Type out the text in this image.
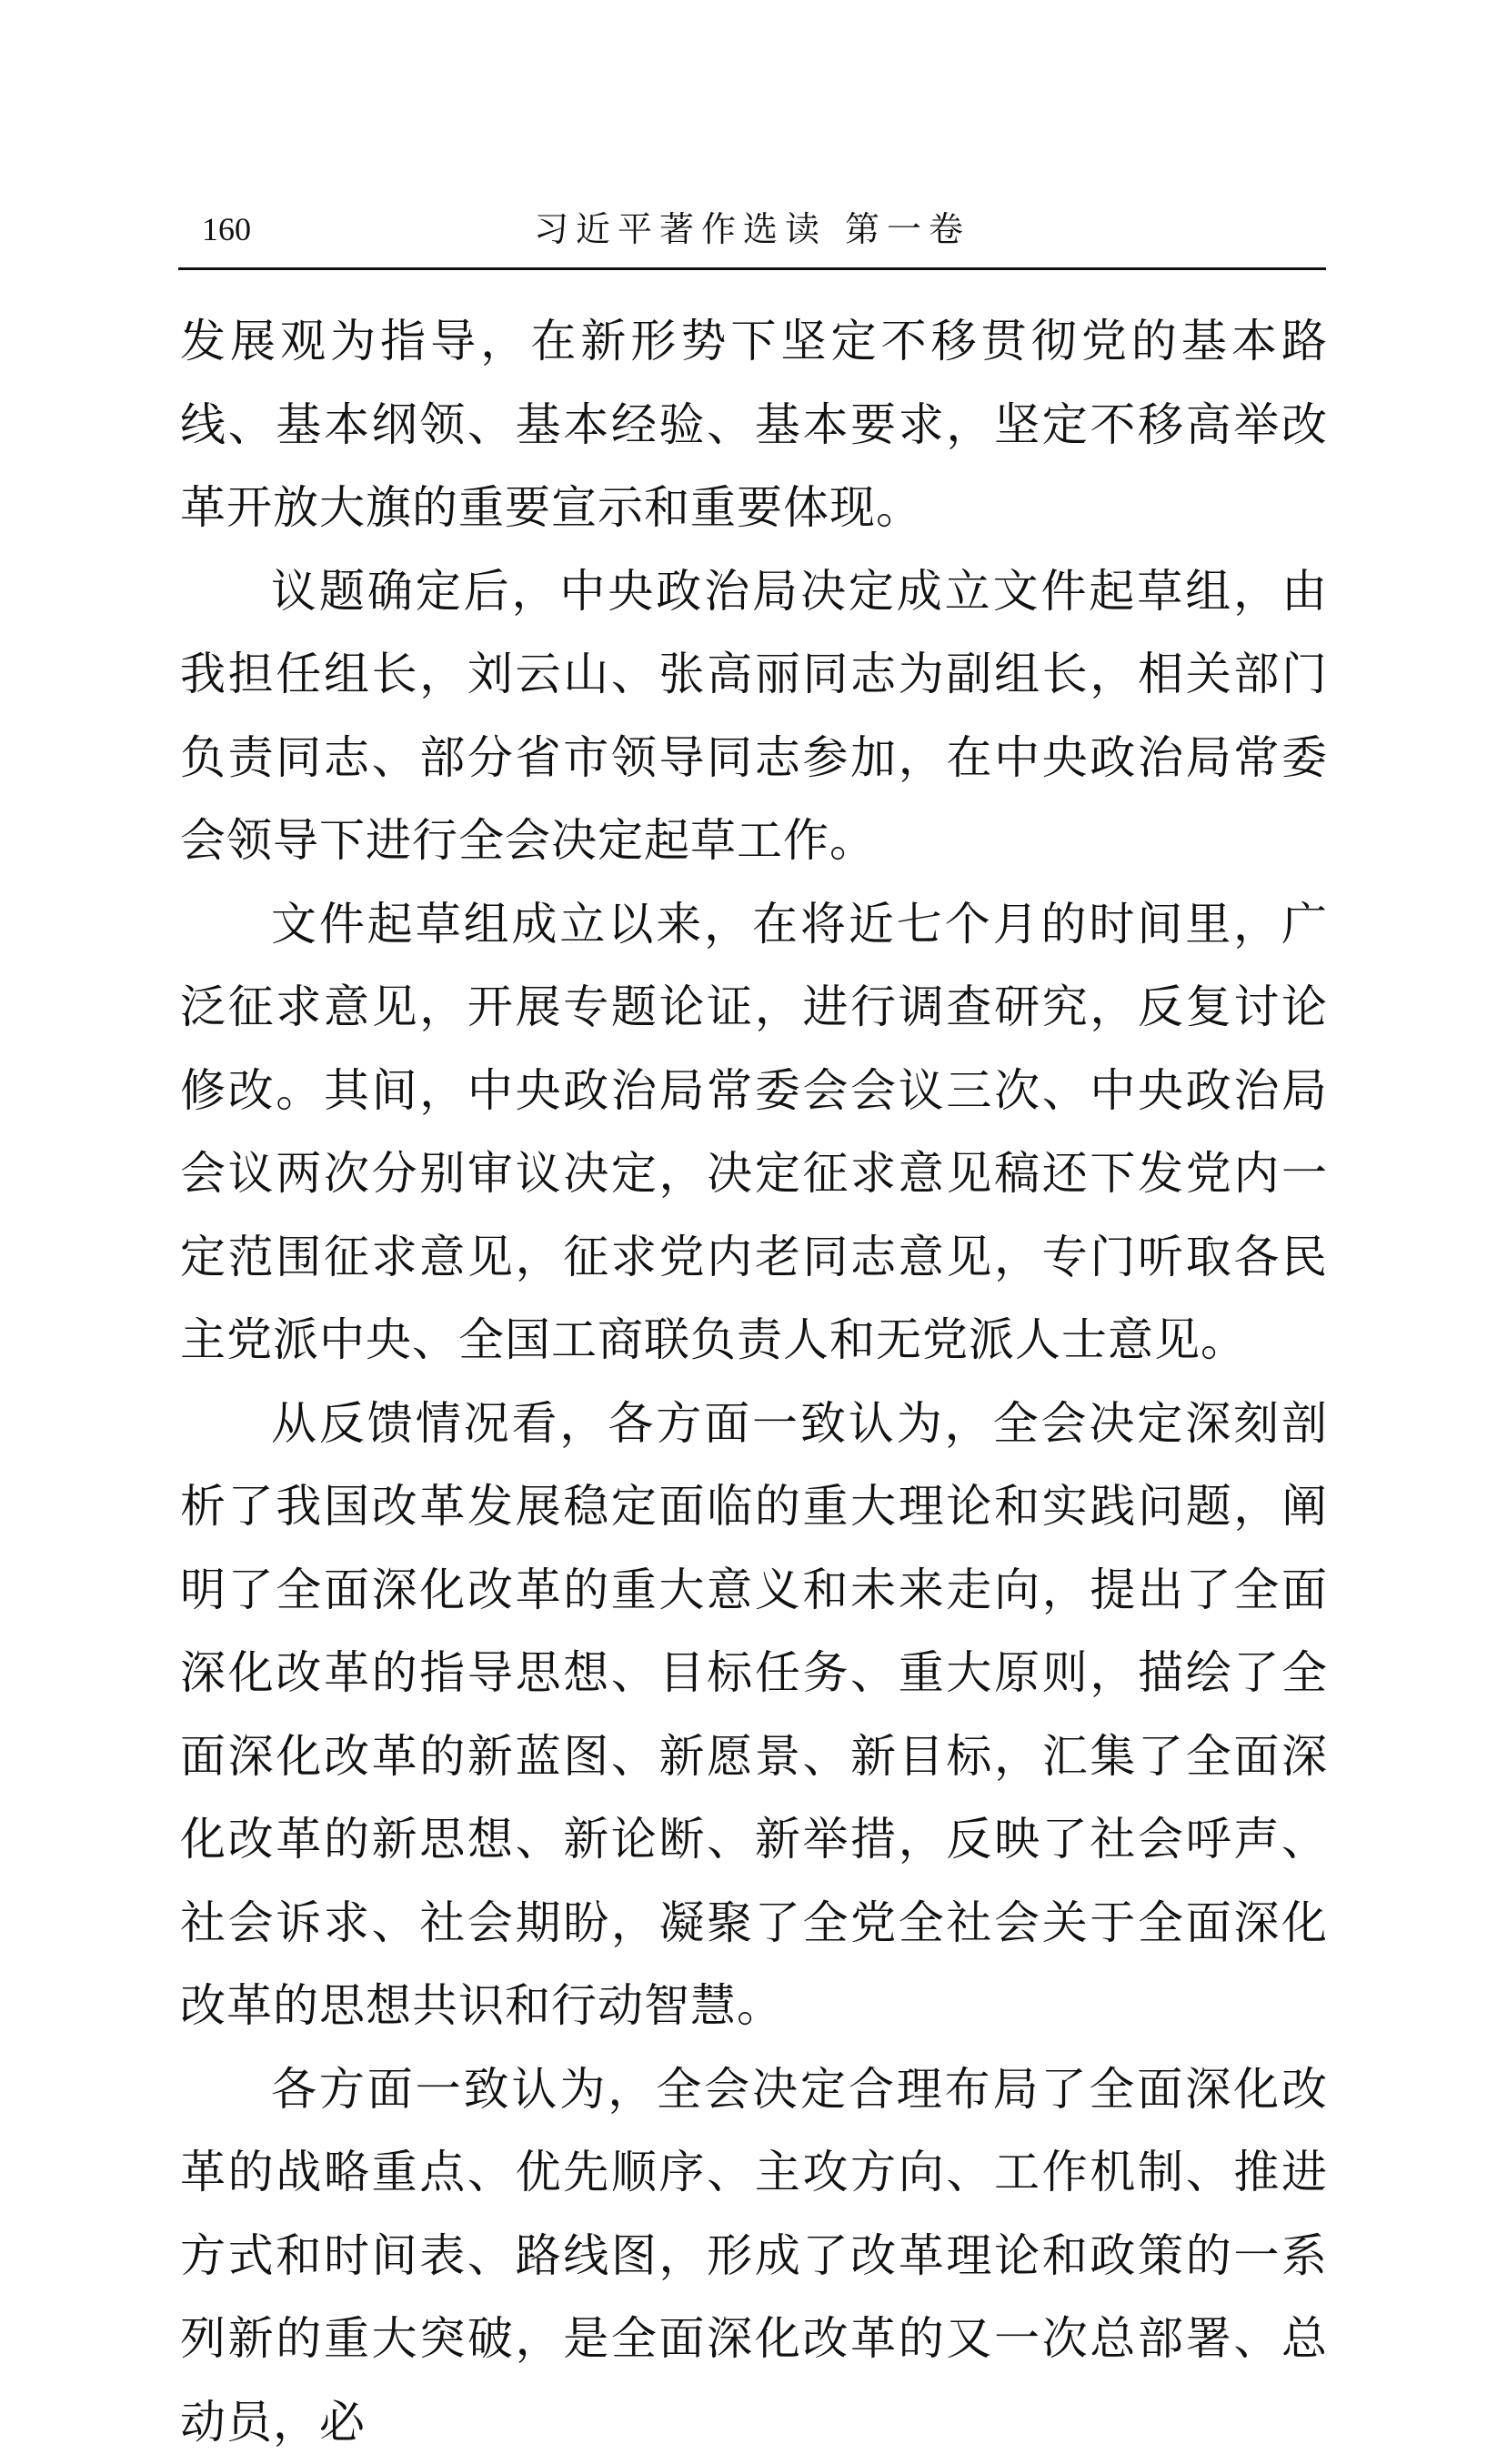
160	习近平著作选读 第一卷

发展观为指导，在新形势下坚定不移贯彻党的基本路线、基本纲领、基本经验、基本要求，坚定不移高举改革开放大旗的重要宣示和重要体现。

议题确定后，中央政治局决定成立文件起草组，由我担任组长，刘云山、张高丽同志为副组长，相关部门负责同志、部分省市领导同志参加，在中央政治局常委会领导下进行全会决定起草工作。

文件起草组成立以来，在将近七个月的时间里，广泛征求意见，开展专题论证，进行调查研究，反复讨论修改。其间，中央政治局常委会会议三次、中央政治局会议两次分别审议决定，决定征求意见稿还下发党内一定范围征求意见，征求党内老同志意见，专门听取各民主党派中央、全国工商联负责人和无党派人士意见。

从反馈情况看，各方面一致认为，全会决定深刻剖析了我国改革发展稳定面临的重大理论和实践问题，阐明了全面深化改革的重大意义和未来走向，提出了全面深化改革的指导思想、目标任务、重大原则，描绘了全面深化改革的新蓝图、新愿景、新目标，汇集了全面深化改革的新思想、新论断、新举措，反映了社会呼声、社会诉求、社会期盼，凝聚了全党全社会关于全面深化改革的思想共识和行动智慧。

各方面一致认为，全会决定合理布局了全面深化改革的战略重点、优先顺序、主攻方向、工作机制、推进方式和时间表、路线图，形成了改革理论和政策的一系列新的重大突破，是全面深化改革的又一次总部署、总动员，必
